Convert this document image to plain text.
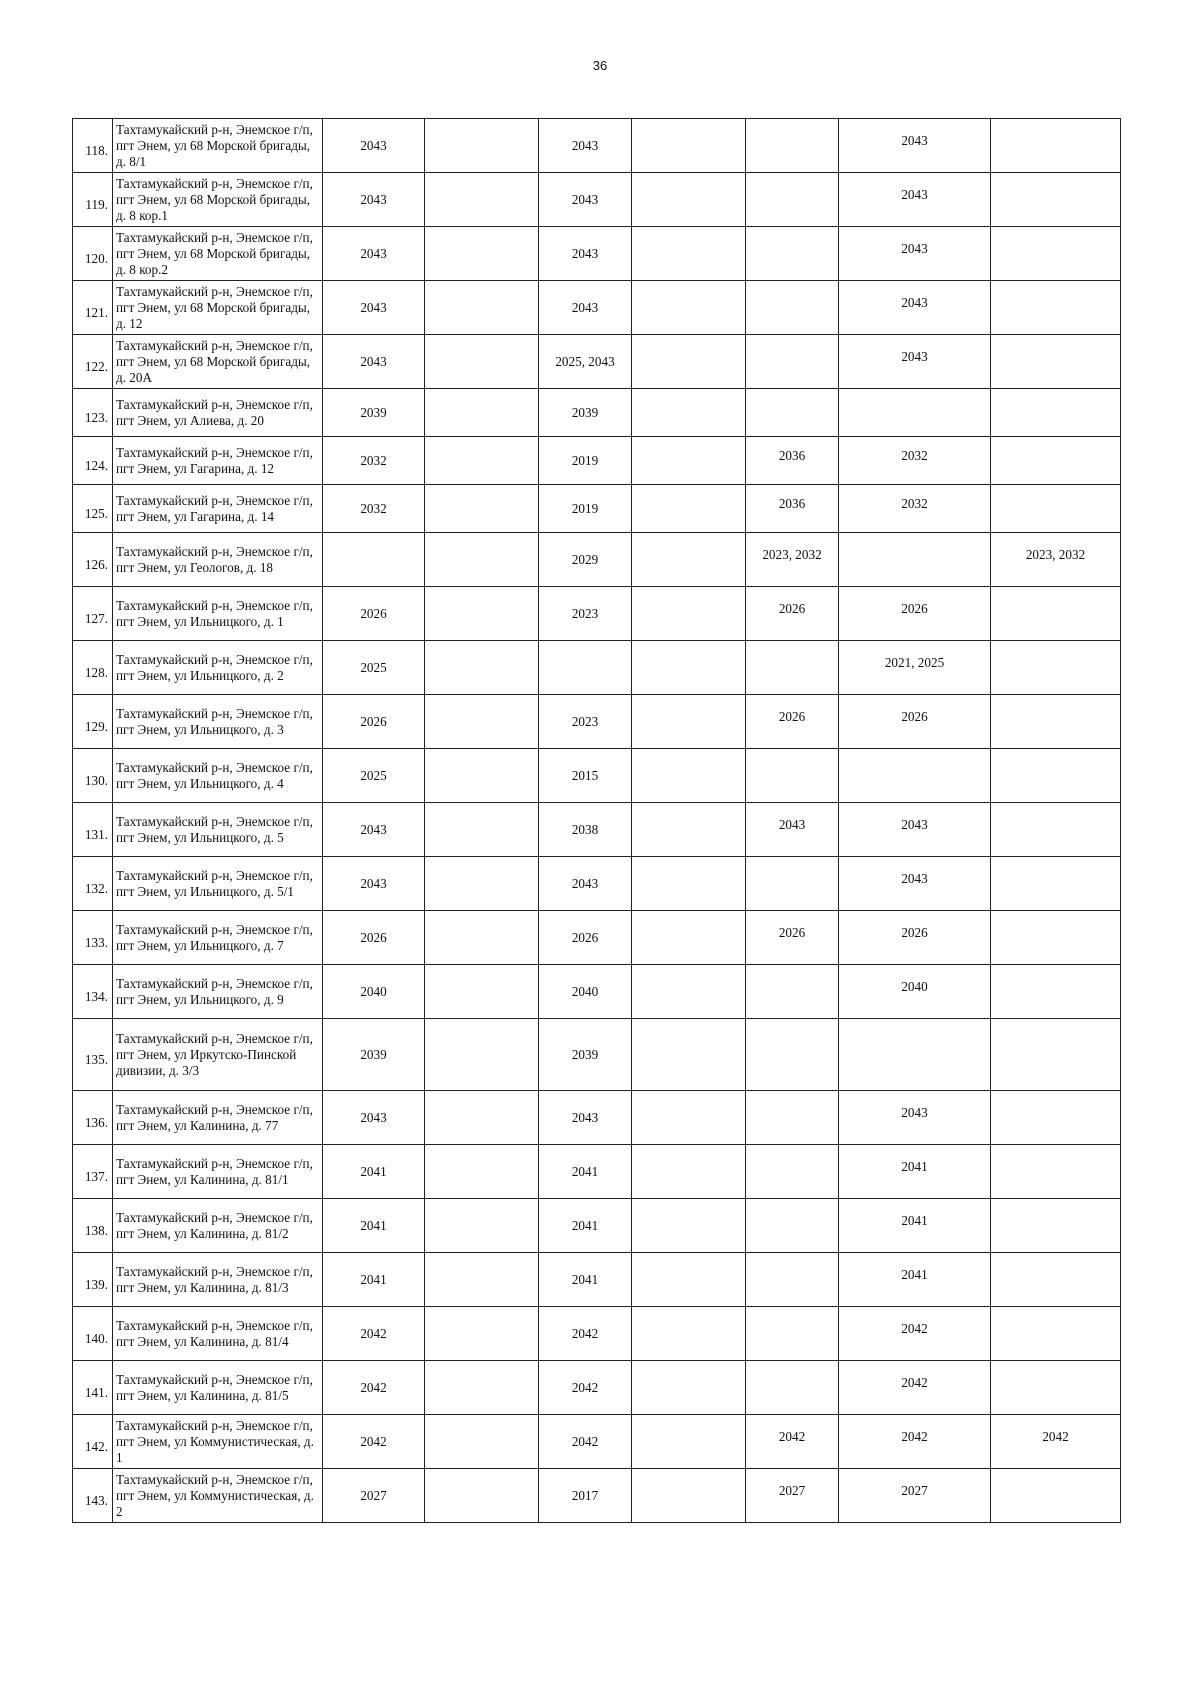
36
118.	Тахтамукайский р-н, Энемское г/п, пгт Энем, ул 68 Морской бригады, д. 8/1	2043		2043			2043	
119.	Тахтамукайский р-н, Энемское г/п, пгт Энем, ул 68 Морской бригады, д. 8 кор.1	2043		2043			2043	
120.	Тахтамукайский р-н, Энемское г/п, пгт Энем, ул 68 Морской бригады, д. 8 кор.2	2043		2043			2043	
121.	Тахтамукайский р-н, Энемское г/п, пгт Энем, ул 68 Морской бригады, д. 12	2043		2043			2043	
122.	Тахтамукайский р-н, Энемское г/п, пгт Энем, ул 68 Морской бригады, д. 20А	2043		2025, 2043			2043	
123.	Тахтамукайский р-н, Энемское г/п, пгт Энем, ул Алиева, д. 20	2039		2039				
124.	Тахтамукайский р-н, Энемское г/п, пгт Энем, ул Гагарина, д. 12	2032		2019		2036	2032	
125.	Тахтамукайский р-н, Энемское г/п, пгт Энем, ул Гагарина, д. 14	2032		2019		2036	2032	
126.	Тахтамукайский р-н, Энемское г/п, пгт Энем, ул Геологов, д. 18			2029		2023, 2032		2023, 2032
127.	Тахтамукайский р-н, Энемское г/п, пгт Энем, ул Ильницкого, д. 1	2026		2023		2026	2026	
128.	Тахтамукайский р-н, Энемское г/п, пгт Энем, ул Ильницкого, д. 2	2025					2021, 2025	
129.	Тахтамукайский р-н, Энемское г/п, пгт Энем, ул Ильницкого, д. 3	2026		2023		2026	2026	
130.	Тахтамукайский р-н, Энемское г/п, пгт Энем, ул Ильницкого, д. 4	2025		2015				
131.	Тахтамукайский р-н, Энемское г/п, пгт Энем, ул Ильницкого, д. 5	2043		2038		2043	2043	
132.	Тахтамукайский р-н, Энемское г/п, пгт Энем, ул Ильницкого, д. 5/1	2043		2043			2043	
133.	Тахтамукайский р-н, Энемское г/п, пгт Энем, ул Ильницкого, д. 7	2026		2026		2026	2026	
134.	Тахтамукайский р-н, Энемское г/п, пгт Энем, ул Ильницкого, д. 9	2040		2040			2040	
135.	Тахтамукайский р-н, Энемское г/п, пгт Энем, ул Иркутско-Пинской дивизии, д. 3/3	2039		2039				
136.	Тахтамукайский р-н, Энемское г/п, пгт Энем, ул Калинина, д. 77	2043		2043			2043	
137.	Тахтамукайский р-н, Энемское г/п, пгт Энем, ул Калинина, д. 81/1	2041		2041			2041	
138.	Тахтамукайский р-н, Энемское г/п, пгт Энем, ул Калинина, д. 81/2	2041		2041			2041	
139.	Тахтамукайский р-н, Энемское г/п, пгт Энем, ул Калинина, д. 81/3	2041		2041			2041	
140.	Тахтамукайский р-н, Энемское г/п, пгт Энем, ул Калинина, д. 81/4	2042		2042			2042	
141.	Тахтамукайский р-н, Энемское г/п, пгт Энем, ул Калинина, д. 81/5	2042		2042			2042	
142.	Тахтамукайский р-н, Энемское г/п, пгт Энем, ул Коммунистическая, д. 1	2042		2042		2042	2042	2042
143.	Тахтамукайский р-н, Энемское г/п, пгт Энем, ул Коммунистическая, д. 2	2027		2017		2027	2027	
